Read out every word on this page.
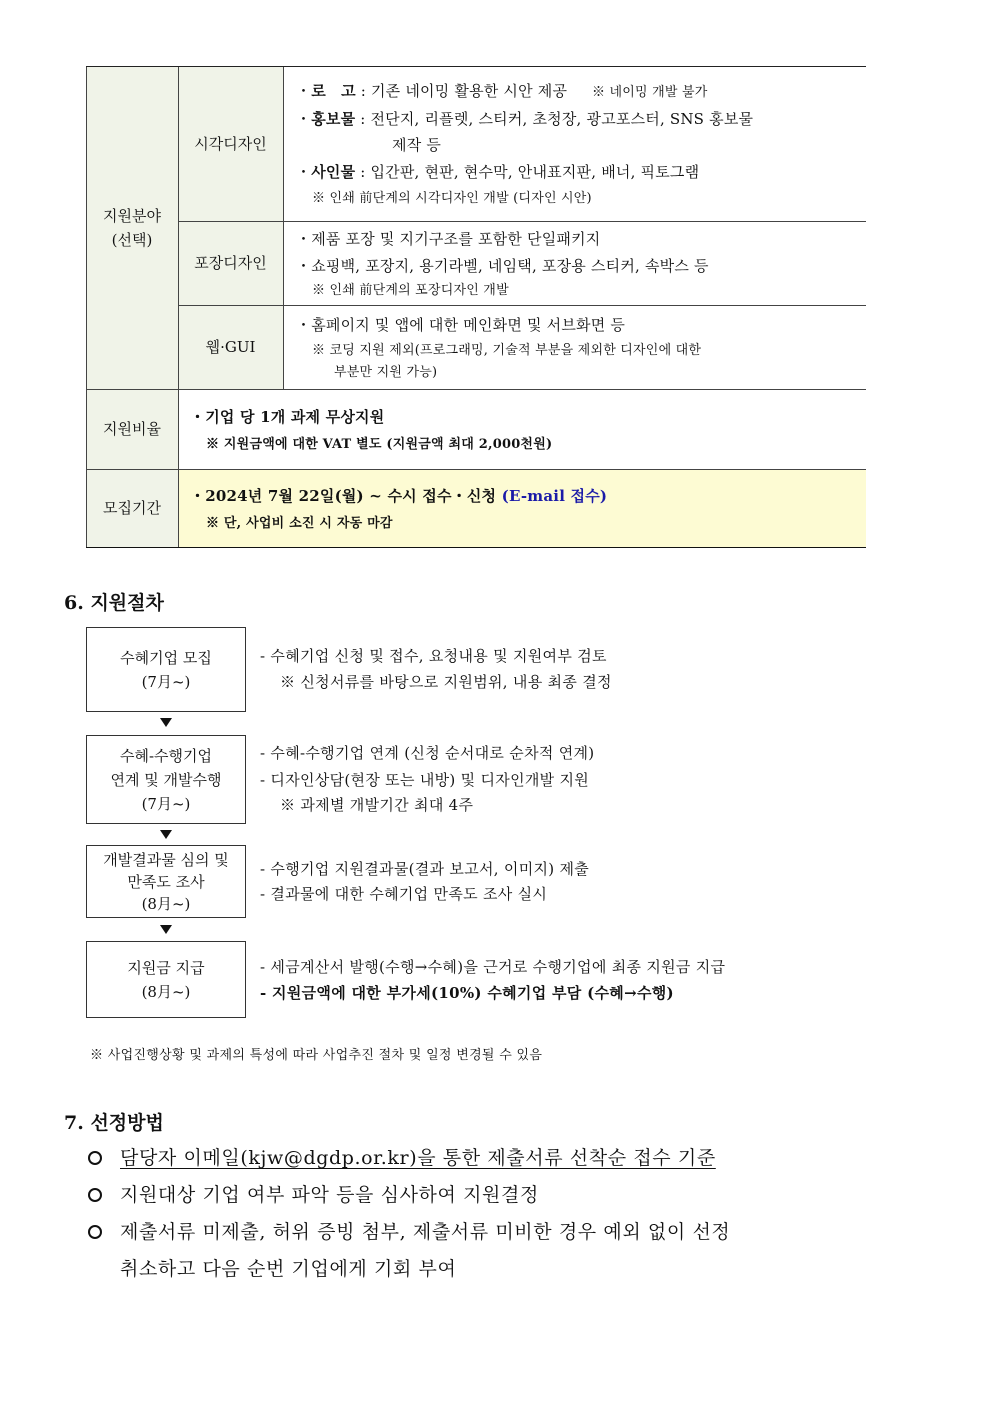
지원분야
(선택)
시각디자인
포장디자인
웹·GUI
지원비율
모집기간
・로　고 : 기존 네이밍 활용한 시안 제공 ※ 네이밍 개발 불가
・홍보물 : 전단지, 리플렛, 스티커, 초청장, 광고포스터, SNS 홍보물
제작 등
・사인물 : 입간판, 현판, 현수막, 안내표지판, 배너, 픽토그램
※ 인쇄 前단계의 시각디자인 개발 (디자인 시안)
・제품 포장 및 지기구조를 포함한 단일패키지
・쇼핑백, 포장지, 용기라벨, 네임택, 포장용 스티커, 속박스 등
※ 인쇄 前단계의 포장디자인 개발
・홈페이지 및 앱에 대한 메인화면 및 서브화면 등
※ 코딩 지원 제외(프로그래밍, 기술적 부분을 제외한 디자인에 대한
부분만 지원 가능)
・기업 당 1개 과제 무상지원
※ 지원금액에 대한 VAT 별도 (지원금액 최대 2,000천원)
・2024년 7월 22일(월) ~ 수시 접수・신청 (E-mail 접수)
※ 단, 사업비 소진 시 자동 마감
6. 지원절차
수혜기업 모집
(7月~)
- 수혜기업 신청 및 접수, 요청내용 및 지원여부 검토
※ 신청서류를 바탕으로 지원범위, 내용 최종 결정
수혜-수행기업
연계 및 개발수행
(7月~)
- 수혜-수행기업 연계 (신청 순서대로 순차적 연계)
- 디자인상담(현장 또는 내방) 및 디자인개발 지원
※ 과제별 개발기간 최대 4주
개발결과물 심의 및
만족도 조사
(8月~)
- 수행기업 지원결과물(결과 보고서, 이미지) 제출
- 결과물에 대한 수혜기업 만족도 조사 실시
지원금 지급
(8月~)
- 세금계산서 발행(수행→수혜)을 근거로 수행기업에 최종 지원금 지급
- 지원금액에 대한 부가세(10%) 수혜기업 부담 (수혜→수행)
※ 사업진행상황 및 과제의 특성에 따라 사업추진 절차 및 일정 변경될 수 있음
7. 선정방법
담당자 이메일(kjw@dgdp.or.kr)을 통한 제출서류 선착순 접수 기준
지원대상 기업 여부 파악 등을 심사하여 지원결정
제출서류 미제출, 허위 증빙 첨부, 제출서류 미비한 경우 예외 없이 선정
취소하고 다음 순번 기업에게 기회 부여
